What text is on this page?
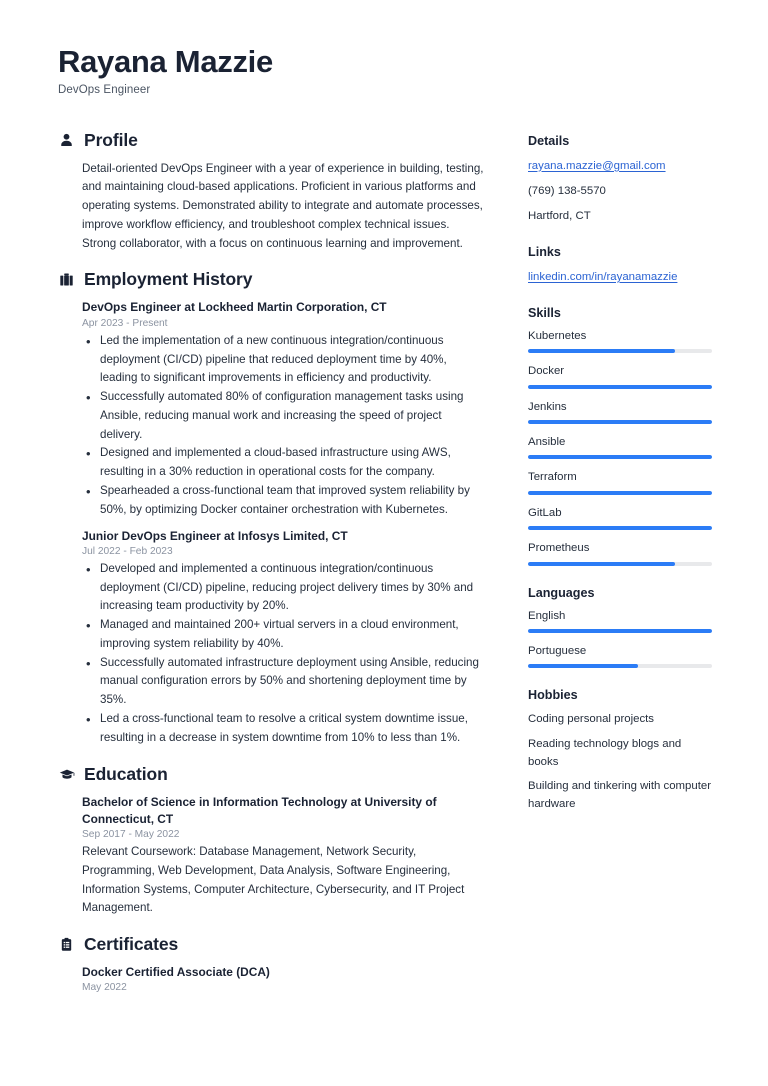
Rayana Mazzie
DevOps Engineer
Profile
Detail-oriented DevOps Engineer with a year of experience in building, testing, and maintaining cloud-based applications. Proficient in various platforms and operating systems. Demonstrated ability to integrate and automate processes, improve workflow efficiency, and troubleshoot complex technical issues. Strong collaborator, with a focus on continuous learning and improvement.
Employment History
DevOps Engineer at Lockheed Martin Corporation, CT
Apr 2023 - Present
• Led the implementation of a new continuous integration/continuous deployment (CI/CD) pipeline that reduced deployment time by 40%, leading to significant improvements in efficiency and productivity.
• Successfully automated 80% of configuration management tasks using Ansible, reducing manual work and increasing the speed of project delivery.
• Designed and implemented a cloud-based infrastructure using AWS, resulting in a 30% reduction in operational costs for the company.
• Spearheaded a cross-functional team that improved system reliability by 50%, by optimizing Docker container orchestration with Kubernetes.
Junior DevOps Engineer at Infosys Limited, CT
Jul 2022 - Feb 2023
• Developed and implemented a continuous integration/continuous deployment (CI/CD) pipeline, reducing project delivery times by 30% and increasing team productivity by 20%.
• Managed and maintained 200+ virtual servers in a cloud environment, improving system reliability by 40%.
• Successfully automated infrastructure deployment using Ansible, reducing manual configuration errors by 50% and shortening deployment time by 35%.
• Led a cross-functional team to resolve a critical system downtime issue, resulting in a decrease in system downtime from 10% to less than 1%.
Education
Bachelor of Science in Information Technology at University of Connecticut, CT
Sep 2017 - May 2022
Relevant Coursework: Database Management, Network Security, Programming, Web Development, Data Analysis, Software Engineering, Information Systems, Computer Architecture, Cybersecurity, and IT Project Management.
Certificates
Docker Certified Associate (DCA)
May 2022
Details
rayana.mazzie@gmail.com
(769) 138-5570
Hartford, CT
Links
linkedin.com/in/rayanamazzie
Skills
Kubernetes
Docker
Jenkins
Ansible
Terraform
GitLab
Prometheus
Languages
English
Portuguese
Hobbies
Coding personal projects
Reading technology blogs and books
Building and tinkering with computer hardware
